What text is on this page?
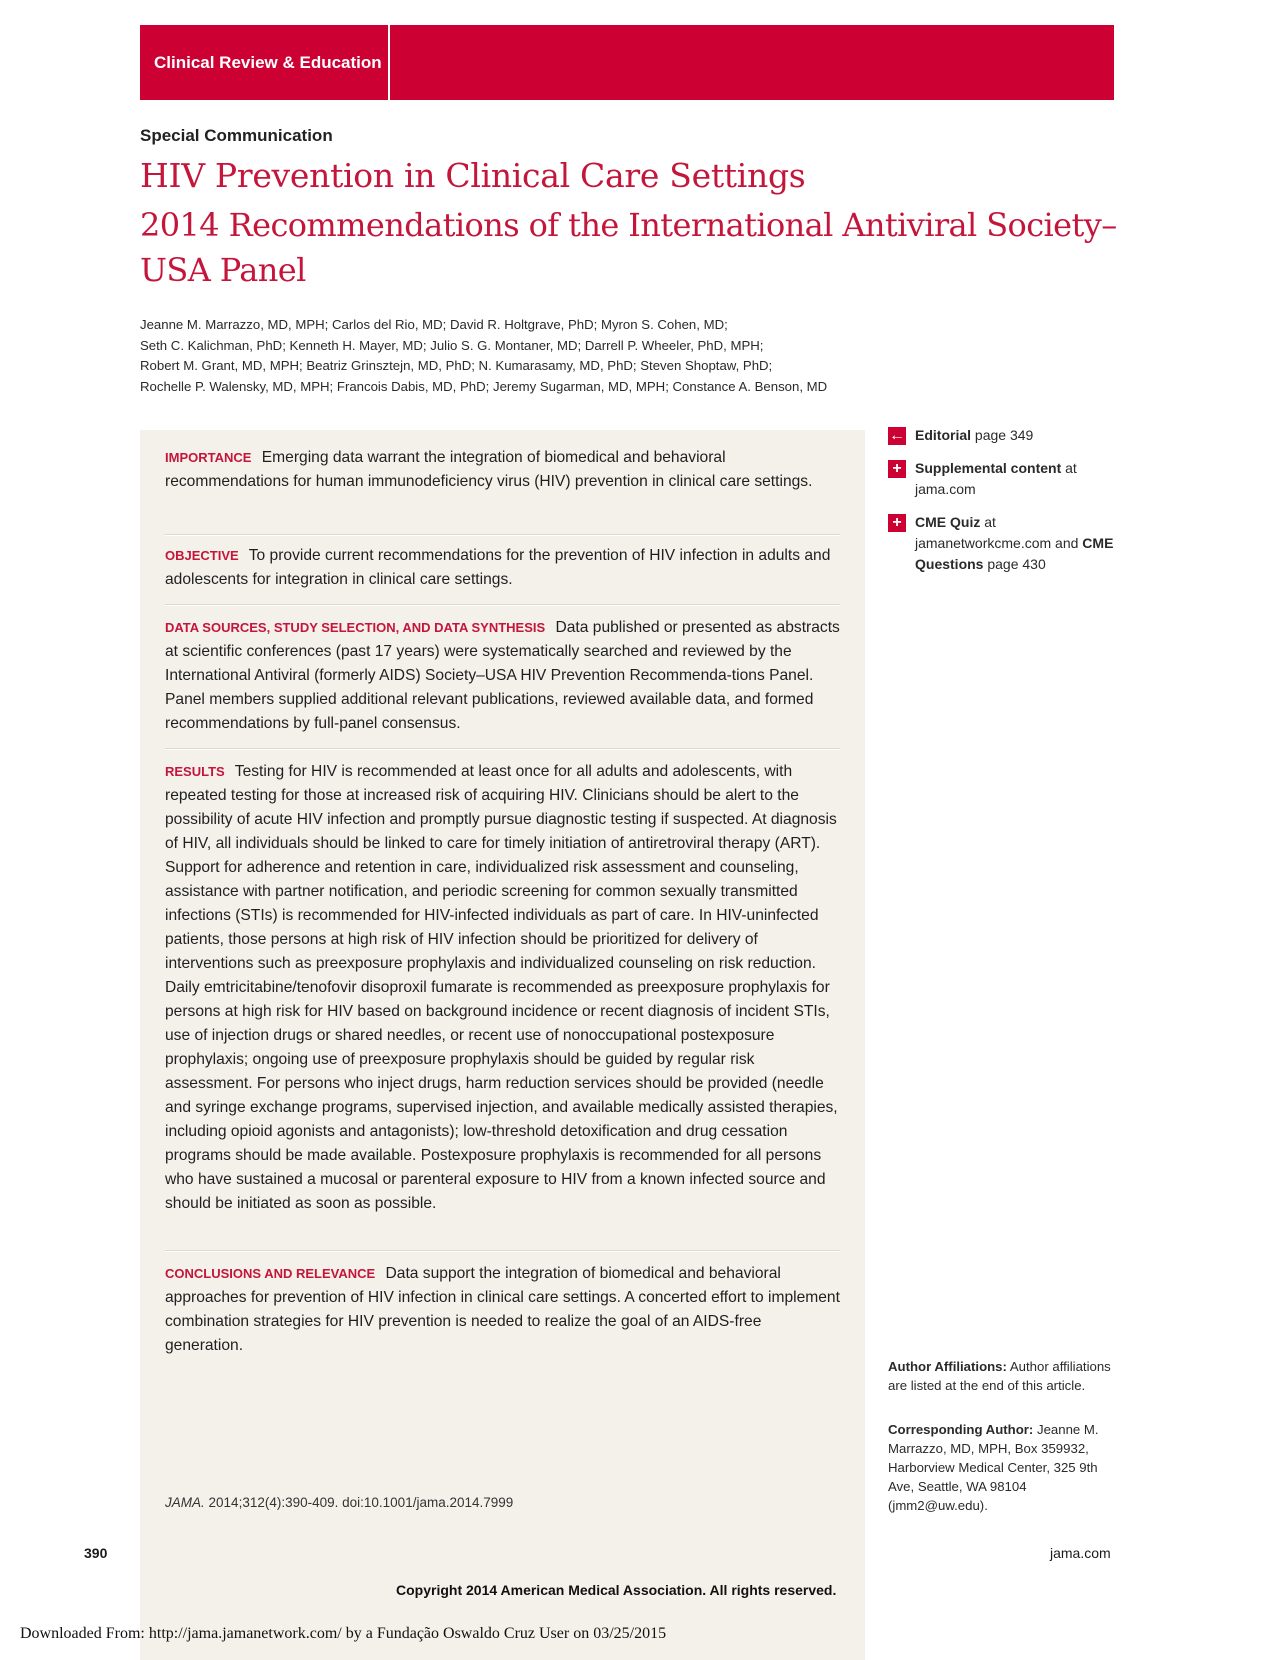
Clinical Review & Education
Special Communication
HIV Prevention in Clinical Care Settings
2014 Recommendations of the International Antiviral Society–USA Panel
Jeanne M. Marrazzo, MD, MPH; Carlos del Rio, MD; David R. Holtgrave, PhD; Myron S. Cohen, MD;
Seth C. Kalichman, PhD; Kenneth H. Mayer, MD; Julio S. G. Montaner, MD; Darrell P. Wheeler, PhD, MPH;
Robert M. Grant, MD, MPH; Beatriz Grinsztejn, MD, PhD; N. Kumarasamy, MD, PhD; Steven Shoptaw, PhD;
Rochelle P. Walensky, MD, MPH; Francois Dabis, MD, PhD; Jeremy Sugarman, MD, MPH; Constance A. Benson, MD
IMPORTANCE Emerging data warrant the integration of biomedical and behavioral recommendations for human immunodeficiency virus (HIV) prevention in clinical care settings.
OBJECTIVE To provide current recommendations for the prevention of HIV infection in adults and adolescents for integration in clinical care settings.
DATA SOURCES, STUDY SELECTION, AND DATA SYNTHESIS Data published or presented as abstracts at scientific conferences (past 17 years) were systematically searched and reviewed by the International Antiviral (formerly AIDS) Society–USA HIV Prevention Recommenda-tions Panel. Panel members supplied additional relevant publications, reviewed available data, and formed recommendations by full-panel consensus.
RESULTS Testing for HIV is recommended at least once for all adults and adolescents, with repeated testing for those at increased risk of acquiring HIV. Clinicians should be alert to the possibility of acute HIV infection and promptly pursue diagnostic testing if suspected. At diagnosis of HIV, all individuals should be linked to care for timely initiation of antiretroviral therapy (ART). Support for adherence and retention in care, individualized risk assessment and counseling, assistance with partner notification, and periodic screening for common sexually transmitted infections (STIs) is recommended for HIV-infected individuals as part of care. In HIV-uninfected patients, those persons at high risk of HIV infection should be prioritized for delivery of interventions such as preexposure prophylaxis and individualized counseling on risk reduction. Daily emtricitabine/tenofovir disoproxil fumarate is recommended as preexposure prophylaxis for persons at high risk for HIV based on background incidence or recent diagnosis of incident STIs, use of injection drugs or shared needles, or recent use of nonoccupational postexposure prophylaxis; ongoing use of preexposure prophylaxis should be guided by regular risk assessment. For persons who inject drugs, harm reduction services should be provided (needle and syringe exchange programs, supervised injection, and available medically assisted therapies, including opioid agonists and antagonists); low-threshold detoxification and drug cessation programs should be made available. Postexposure prophylaxis is recommended for all persons who have sustained a mucosal or parenteral exposure to HIV from a known infected source and should be initiated as soon as possible.
CONCLUSIONS AND RELEVANCE Data support the integration of biomedical and behavioral approaches for prevention of HIV infection in clinical care settings. A concerted effort to implement combination strategies for HIV prevention is needed to realize the goal of an AIDS-free generation.
JAMA. 2014;312(4):390-409. doi:10.1001/jama.2014.7999
← Editorial page 349
+ Supplemental content at jama.com
+ CME Quiz at jamanetworkcme.com and CME Questions page 430
Author Affiliations: Author affiliations are listed at the end of this article.
Corresponding Author: Jeanne M. Marrazzo, MD, MPH, Box 359932, Harborview Medical Center, 325 9th Ave, Seattle, WA 98104 (jmm2@uw.edu).
390	jama.com
Copyright 2014 American Medical Association. All rights reserved.
Downloaded From: http://jama.jamanetwork.com/ by a Fundação Oswaldo Cruz User on 03/25/2015
